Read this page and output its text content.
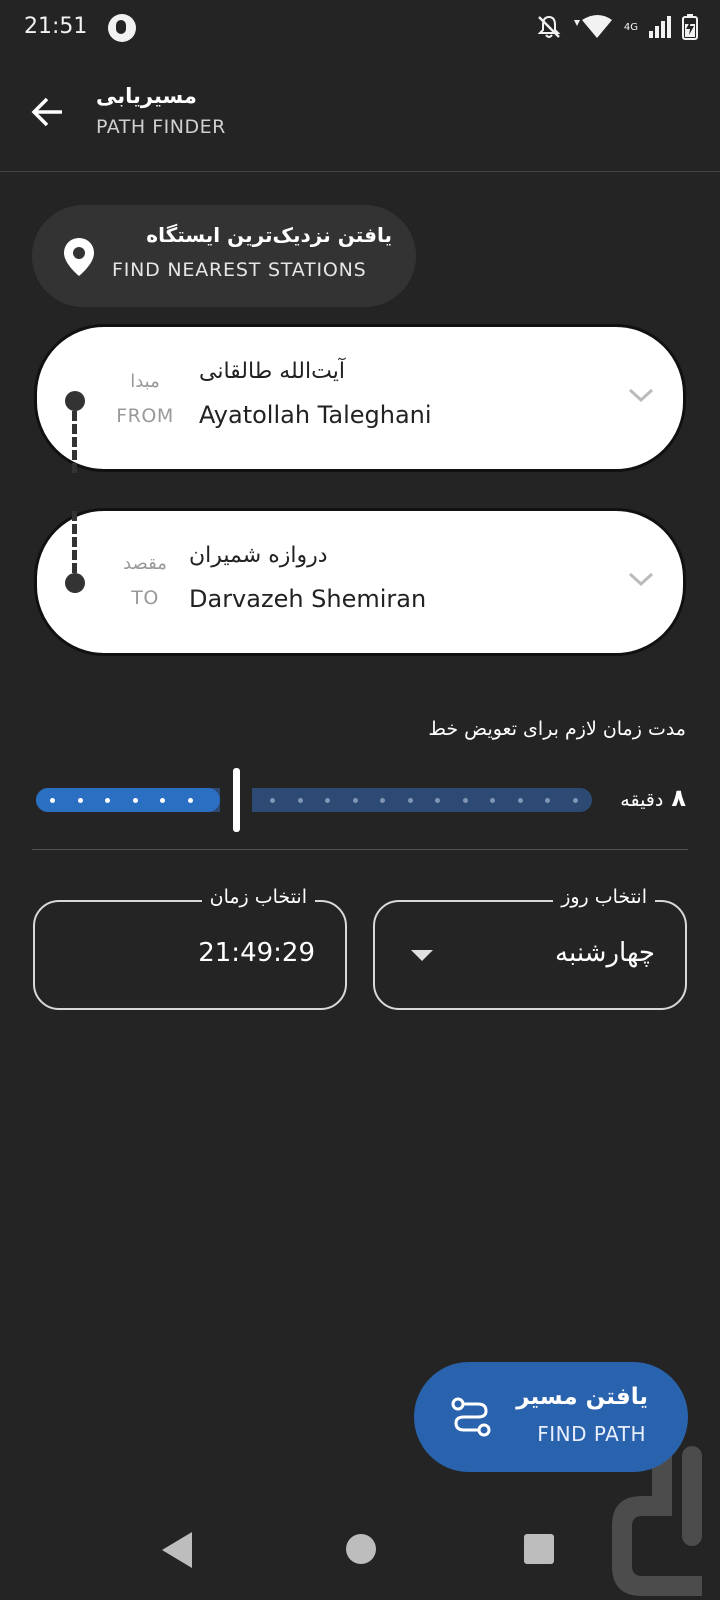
21:51	4G
مسیریابی
PATH FINDER
یافتن نزدیک‌ترین ایستگاه
FIND NEAREST STATIONS
مبدا
FROM
آیت‌الله طالقانی
Ayatollah Taleghani
مقصد
TO
دروازه شمیران
Darvazeh Shemiran
مدت زمان لازم برای تعویض خط
دقیقه ۸
انتخاب روز
چهارشنبه
انتخاب زمان
21:49:29
یافتن مسیر
FIND PATH
